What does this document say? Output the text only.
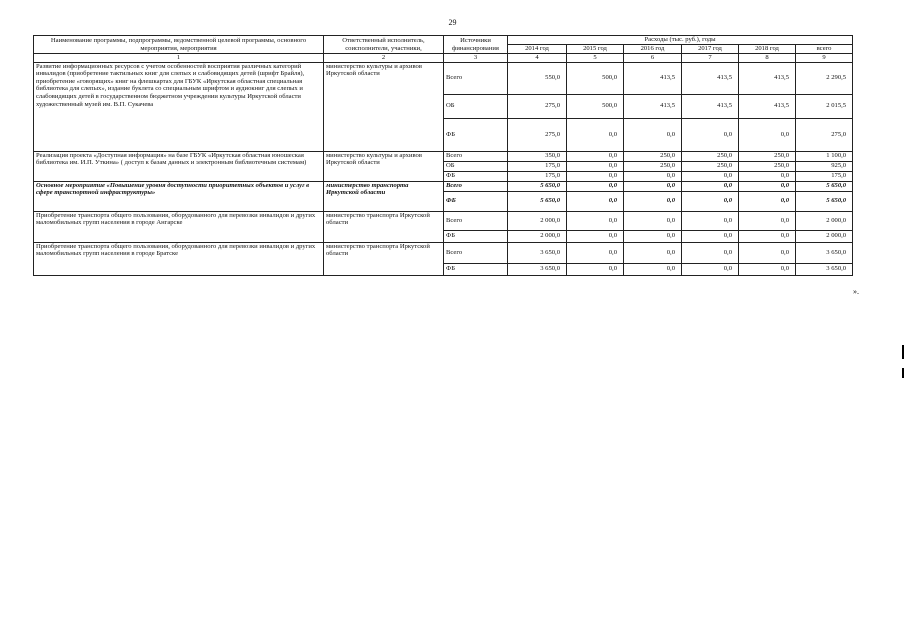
29
Наименование программы, подпрограммы, ведомственной целевой программы, основного мероприятия, мероприятия	Ответственный исполнитель, соисполнители, участники,	Источники финансирования	Расходы (тыс. руб.), годы					
			2014 год	2015 год	2016 год	2017 год	2018 год	всего
1	2	3	4	5	6	7	8	9
Развитие информационных ресурсов с учетом особенностей восприятия различных категорий инвалидов (приобретение тактильных книг для слепых и слабовидящих детей (шрифт Брайля), приобретение «говорящих» книг на флешкартах для ГБУК «Иркутская областная специальная библиотека для слепых», издание буклета со специальным шрифтом и аудиокниг для слепых и слабовидящих детей в государственном бюджетном учреждении культуры Иркутской области художественный музей им. В.П. Сукачева	министерство культуры и архивов Иркутской области	Всего	550,0	500,0	413,5	413,5	413,5	2 290,5
		ОБ	275,0	500,0	413,5	413,5	413,5	2 015,5
		ФБ	275,0	0,0	0,0	0,0	0,0	275,0
Реализация проекта «Доступная информация» на базе ГБУК «Иркутская областная юношеская библиотека им. И.П. Уткина» ( доступ к базам данных и электронным библиотечным системам)	министерство культуры и архивов Иркутской области	Всего	350,0	0,0	250,0	250,0	250,0	1 100,0
		ОБ	175,0	0,0	250,0	250,0	250,0	925,0
		ФБ	175,0	0,0	0,0	0,0	0,0	175,0
Основное мероприятие «Повышение уровня доступности приоритетных объектов и услуг в сфере транспортной инфраструктуры»	министерство транспорта Иркутской области	Всего	5 650,0	0,0	0,0	0,0	0,0	5 650,0
		ФБ	5 650,0	0,0	0,0	0,0	0,0	5 650,0
Приобретение транспорта общего пользования, оборудованного для перевозки инвалидов и других маломобильных групп населения в городе Ангарске	министерство транспорта Иркутской области	Всего	2 000,0	0,0	0,0	0,0	0,0	2 000,0
		ФБ	2 000,0	0,0	0,0	0,0	0,0	2 000,0
Приобретение транспорта общего пользования, оборудованного для перевозки инвалидов и других маломобильных групп населения в городе Братске	министерство транспорта Иркутской области	Всего	3 650,0	0,0	0,0	0,0	0,0	3 650,0
		ФБ	3 650,0	0,0	0,0	0,0	0,0	3 650,0
».
